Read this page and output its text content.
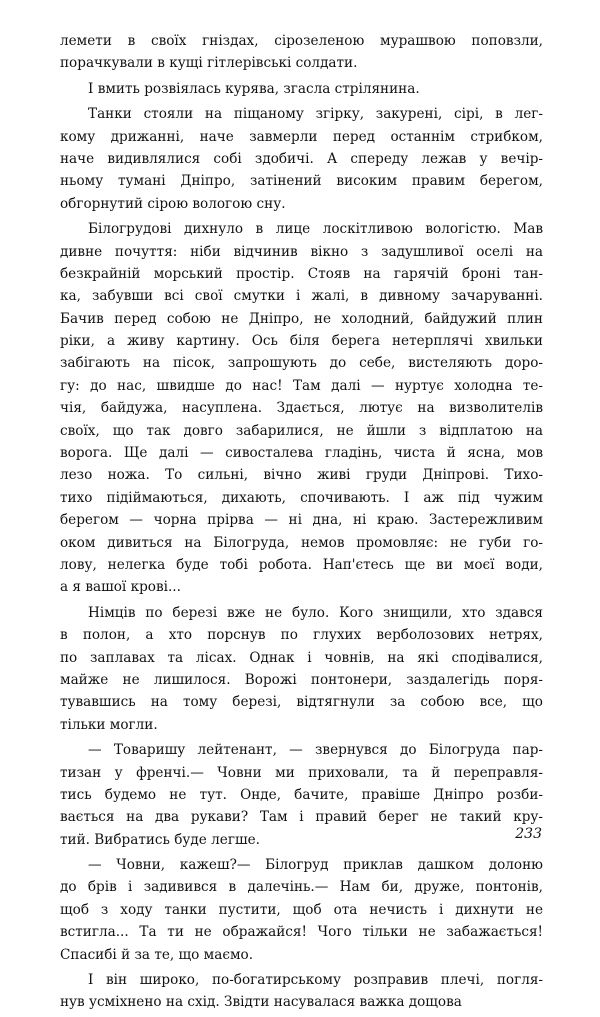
лемети в своїх гніздах, сірозеленою мурашвою поповзли,
порачкували в кущі гітлерівські солдати.
І вмить розвіялась курява, згасла стрілянина.
Танки стояли на піщаному згірку, закурені, сірі, в лег-
кому дрижанні, наче завмерли перед останнім стрибком,
наче видивлялися собі здобичі. А спереду лежав у вечір-
ньому тумані Дніпро, затінений високим правим берегом,
обгорнутий сірою вологою сну.
Білогрудові дихнуло в лице лоскітливою вологістю. Мав
дивне почуття: ніби відчинив вікно з задушливої оселі на
безкрайній морський простір. Стояв на гарячій броні тан-
ка, забувши всі свої смутки і жалі, в дивному зачаруванні.
Бачив перед собою не Дніпро, не холодний, байдужий плин
ріки, а живу картину. Ось біля берега нетерплячі хвильки
забігають на пісок, запрошують до себе, вистеляють доро-
гу: до нас, швидше до нас! Там далі — нуртує холодна те-
чія, байдужа, насуплена. Здається, лютує на визволителів
своїх, що так довго забарилися, не йшли з відплатою на
ворога. Ще далі — сивосталева гладінь, чиста й ясна, мов
лезо ножа. То сильні, вічно живі груди Дніпрові. Тихо-
тихо підіймаються, дихають, спочивають. І аж під чужим
берегом — чорна прірва — ні дна, ні краю. Застережливим
оком дивиться на Білогруда, немов промовляє: не губи го-
лову, нелегка буде тобі робота. Нап'єтесь ще ви моєї води,
а я вашої крові...
Німців по березі вже не було. Кого знищили, хто здався
в полон, а хто порснув по глухих верболозових нетрях,
по заплавах та лісах. Однак і човнів, на які сподівалися,
майже не лишилося. Ворожі понтонери, заздалегідь поря-
тувавшись на тому березі, відтягнули за собою все, що
тільки могли.
— Товаришу лейтенант, — звернувся до Білогруда пар-
тизан у френчі.— Човни ми приховали, та й переправля-
тись будемо не тут. Онде, бачите, правіше Дніпро розби-
вається на два рукави? Там і правий берег не такий кру-
тий. Вибратись буде легше.
— Човни, кажеш?— Білогруд приклав дашком долоню
до брів і задивився в далечінь.— Нам би, друже, понтонів,
щоб з ходу танки пустити, щоб ота нечисть і дихнути не
встигла... Та ти не ображайся! Чого тільки не забажається!
Спасибі й за те, що маємо.
І він широко, по-богатирському розправив плечі, погля-
нув усміхнено на схід. Звідти насувалася важка дощова
233
